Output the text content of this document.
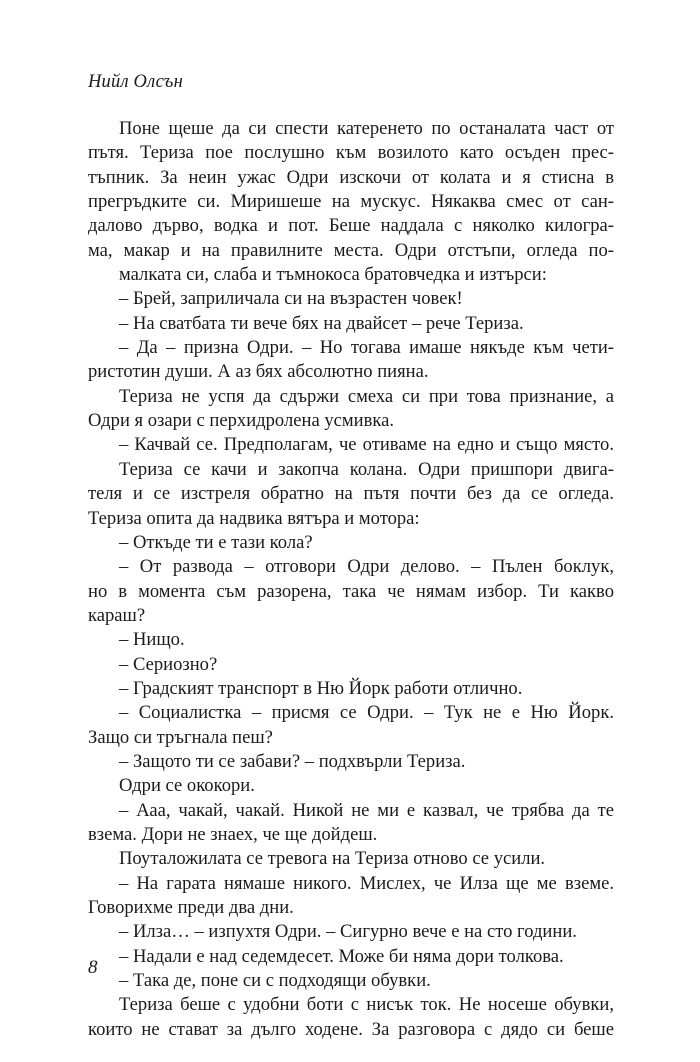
Нийл Олсън
Поне щеше да си спести катеренето по останалата част от
пътя. Териза пое послушно към возилото като осъден прес-
тъпник. За неин ужас Одри изскочи от колата и я стисна в
прегръдките си. Миришеше на мускус. Някаква смес от сан-
далово дърво, водка и пот. Беше наддала с няколко килогра-
ма, макар и на правилните места. Одри отстъпи, огледа по-
малката си, слаба и тъмнокоса братовчедка и изтърси:
– Брей, заприличала си на възрастен човек!
– На сватбата ти вече бях на двайсет – рече Териза.
– Да – призна Одри. – Но тогава имаше някъде към чети-
ристотин души. А аз бях абсолютно пияна.
Териза не успя да сдържи смеха си при това признание, а
Одри я озари с перхидролена усмивка.
– Качвай се. Предполагам, че отиваме на едно и също място.
Териза се качи и закопча колана. Одри пришпори двига-
теля и се изстреля обратно на пътя почти без да се огледа.
Териза опита да надвика вятъра и мотора:
– Откъде ти е тази кола?
– От развода – отговори Одри делово. – Пълен боклук,
но в момента съм разорена, така че нямам избор. Ти какво
караш?
– Нищо.
– Сериозно?
– Градският транспорт в Ню Йорк работи отлично.
– Социалистка – присмя се Одри. – Тук не е Ню Йорк.
Защо си тръгнала пеш?
– Защото ти се забави? – подхвърли Териза.
Одри се ококори.
– Ааа, чакай, чакай. Никой не ми е казвал, че трябва да те
взема. Дори не знаех, че ще дойдеш.
Поуталожилата се тревога на Териза отново се усили.
– На гарата нямаше никого. Мислех, че Илза ще ме вземе.
Говорихме преди два дни.
– Илза… – изпухтя Одри. – Сигурно вече е на сто години.
– Надали е над седемдесет. Може би няма дори толкова.
– Така де, поне си с подходящи обувки.
Териза беше с удобни боти с нисък ток. Не носеше обувки,
които не стават за дълго ходене. За разговора с дядо си беше
8
